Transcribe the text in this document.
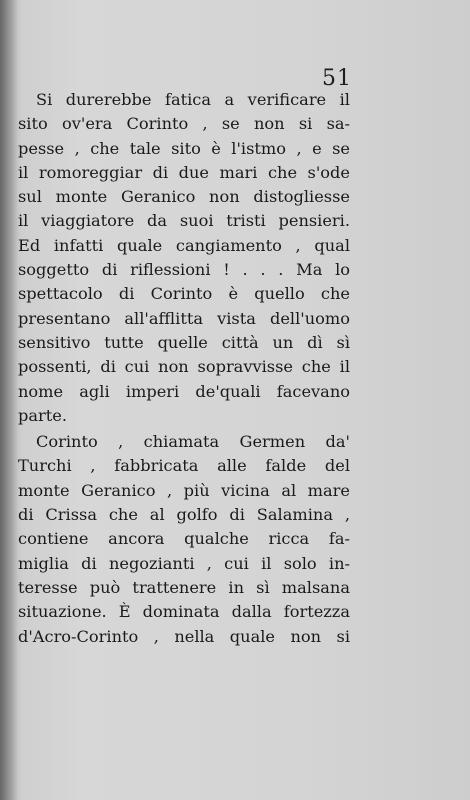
51
Si durerebbe fatica a verificare il
sito ov'era Corinto , se non si sa-
pesse , che tale sito è l'istmo , e se
il romoreggiar di due mari che s'ode
sul monte Geranico non distogliesse
il viaggiatore da suoi tristi pensieri.
Ed infatti quale cangiamento , qual
soggetto di riflessioni ! . . . Ma lo
spettacolo di Corinto è quello che
presentano all'afflitta vista dell'uomo
sensitivo tutte quelle città un dì sì
possenti, di cui non sopravvisse che il
nome agli imperi de'quali facevano
parte.
Corinto , chiamata Germen da'
Turchi , fabbricata alle falde del
monte Geranico , più vicina al mare
di Crissa che al golfo di Salamina ,
contiene ancora qualche ricca fa-
miglia di negozianti , cui il solo in-
teresse può trattenere in sì malsana
situazione. È dominata dalla fortezza
d'Acro-Corinto , nella quale non si
